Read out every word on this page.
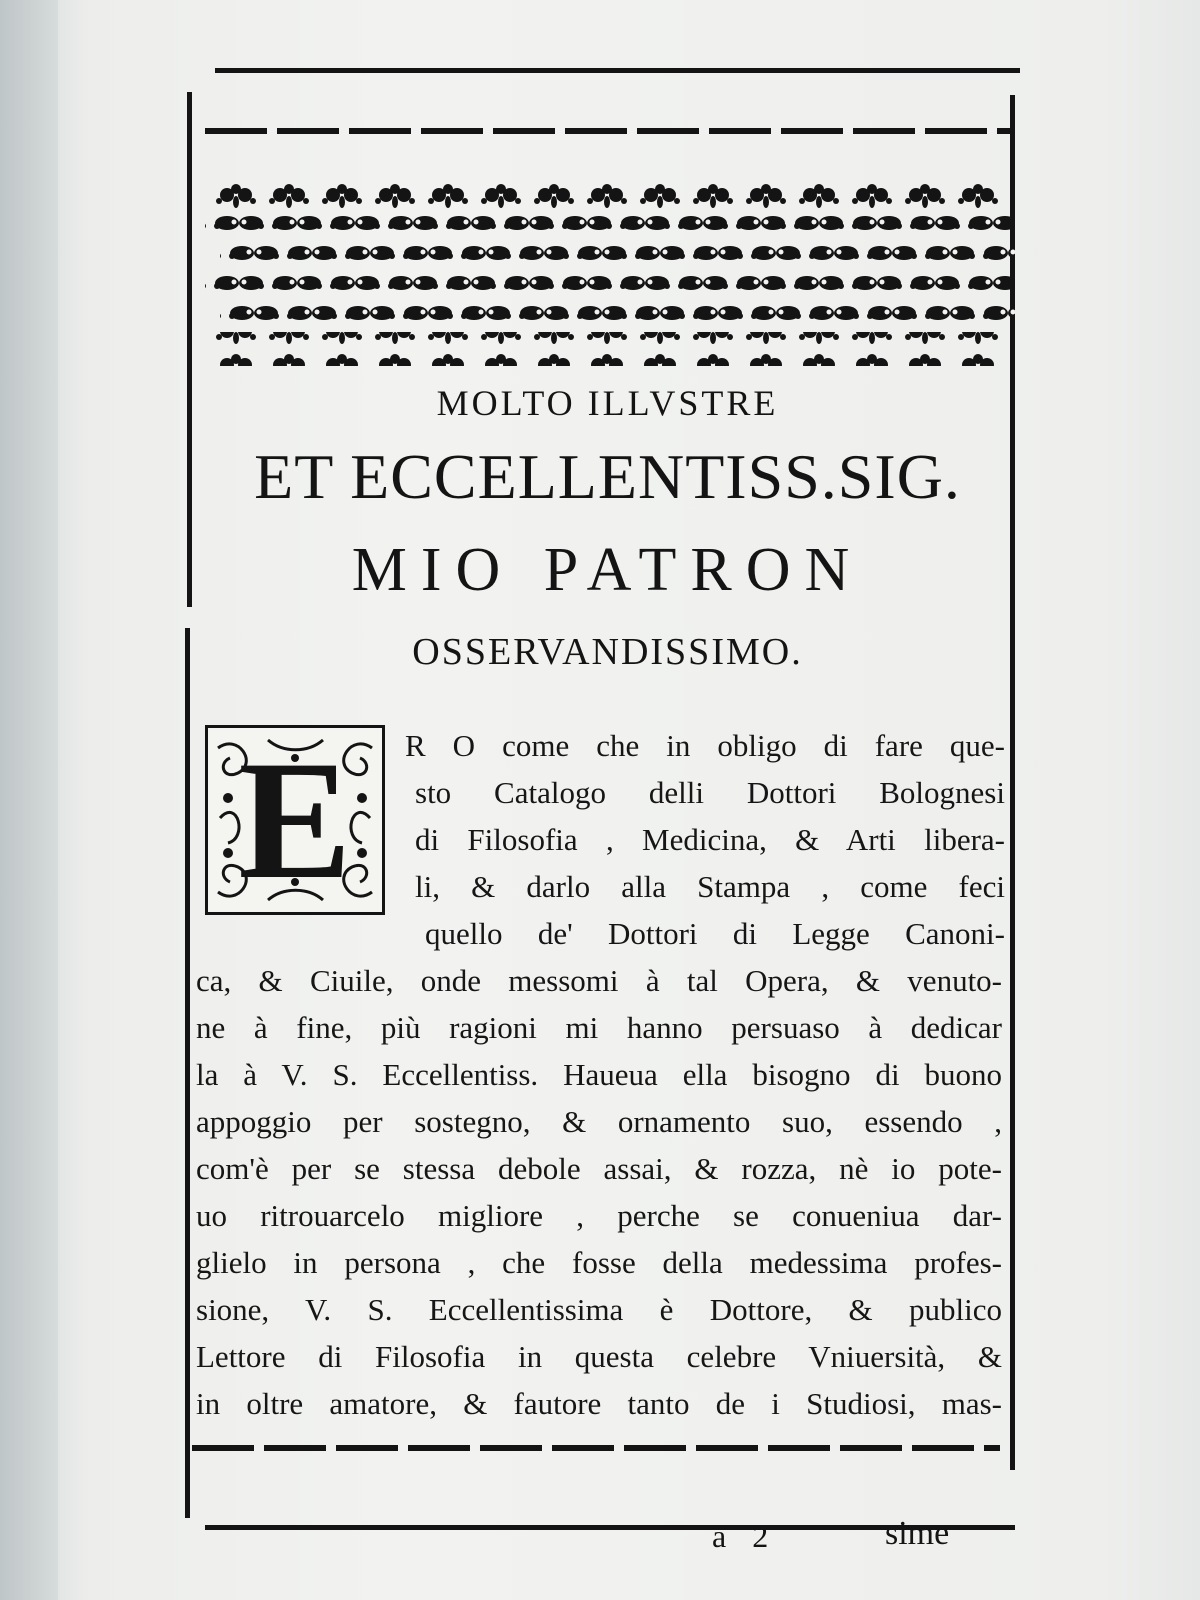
MOLTO ILLVSTRE
ET ECCELLENTISS.SIG.
MIO PATRON
OSSERVANDISSIMO.
E	R O come che in obligo di fare que-
sto Catalogo delli Dottori Bolognesi
di Filosofia , Medicina, & Arti libera-
li, & darlo alla Stampa , come feci
quello de' Dottori di Legge Canoni-
ca, & Ciuile, onde messomi à tal Opera, & venuto-
ne à fine, più ragioni mi hanno persuaso à dedicar
la à V. S. Eccellentiss. Haueua ella bisogno di buono
appoggio per sostegno, & ornamento suo, essendo ,
com'è per se stessa debole assai, & rozza, nè io pote-
uo ritrouarcelo migliore , perche se conueniua dar-
glielo in persona , che fosse della medessima profes-
sione, V. S. Eccellentissima è Dottore, & publico
Lettore di Filosofia in questa celebre Vniuersità, &
in oltre amatore, & fautore tanto de i Studiosi, mas-
a 2	sime
